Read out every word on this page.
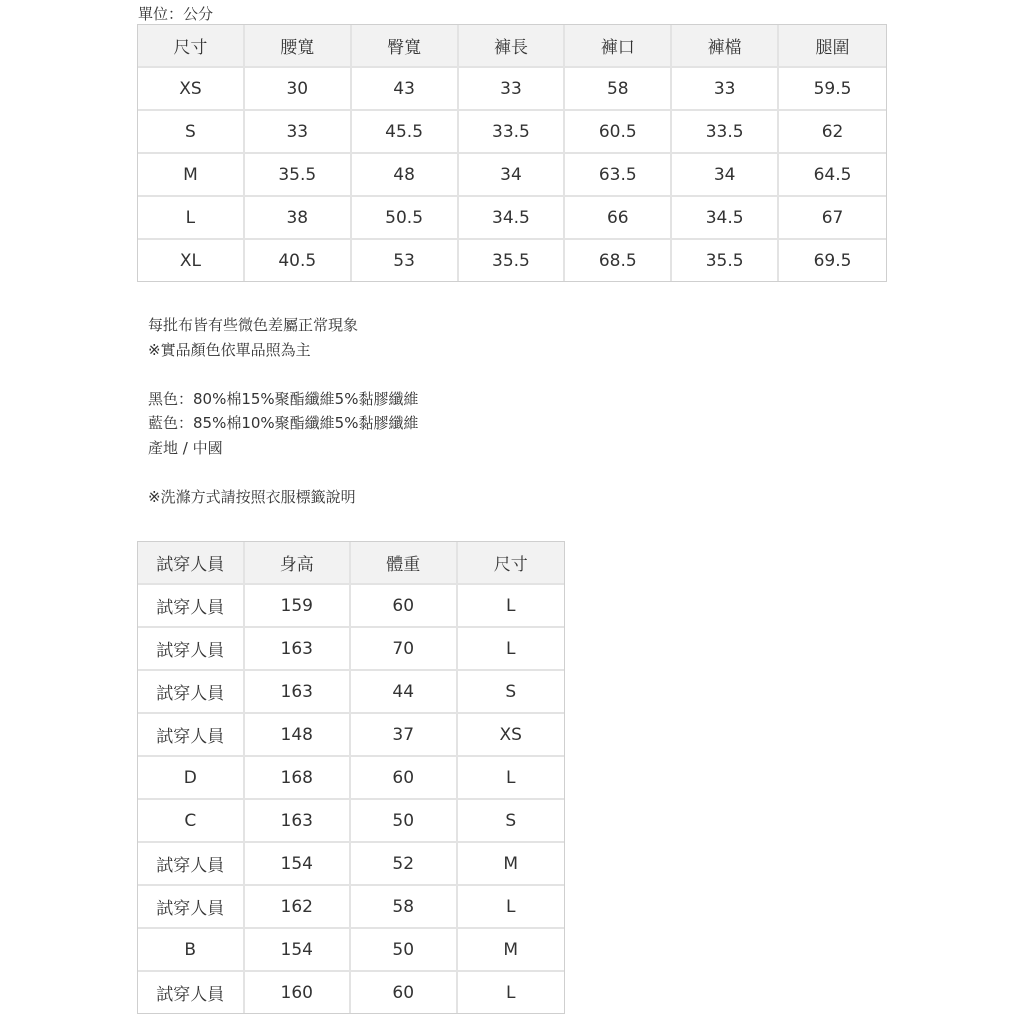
單位：公分
尺寸	腰寬	臀寬	褲長	褲口	褲檔	腿圍
XS	30	43	33	58	33	59.5
S	33	45.5	33.5	60.5	33.5	62
M	35.5	48	34	63.5	34	64.5
L	38	50.5	34.5	66	34.5	67
XL	40.5	53	35.5	68.5	35.5	69.5
每批布皆有些微色差屬正常現象
※實品顏色依單品照為主
黑色：80%棉15%聚酯纖維5%黏膠纖維
藍色：85%棉10%聚酯纖維5%黏膠纖維
產地 / 中國
※洗滌方式請按照衣服標籤說明
試穿人員	身高	體重	尺寸
試穿人員	159	60	L
試穿人員	163	70	L
試穿人員	163	44	S
試穿人員	148	37	XS
D	168	60	L
C	163	50	S
試穿人員	154	52	M
試穿人員	162	58	L
B	154	50	M
試穿人員	160	60	L
